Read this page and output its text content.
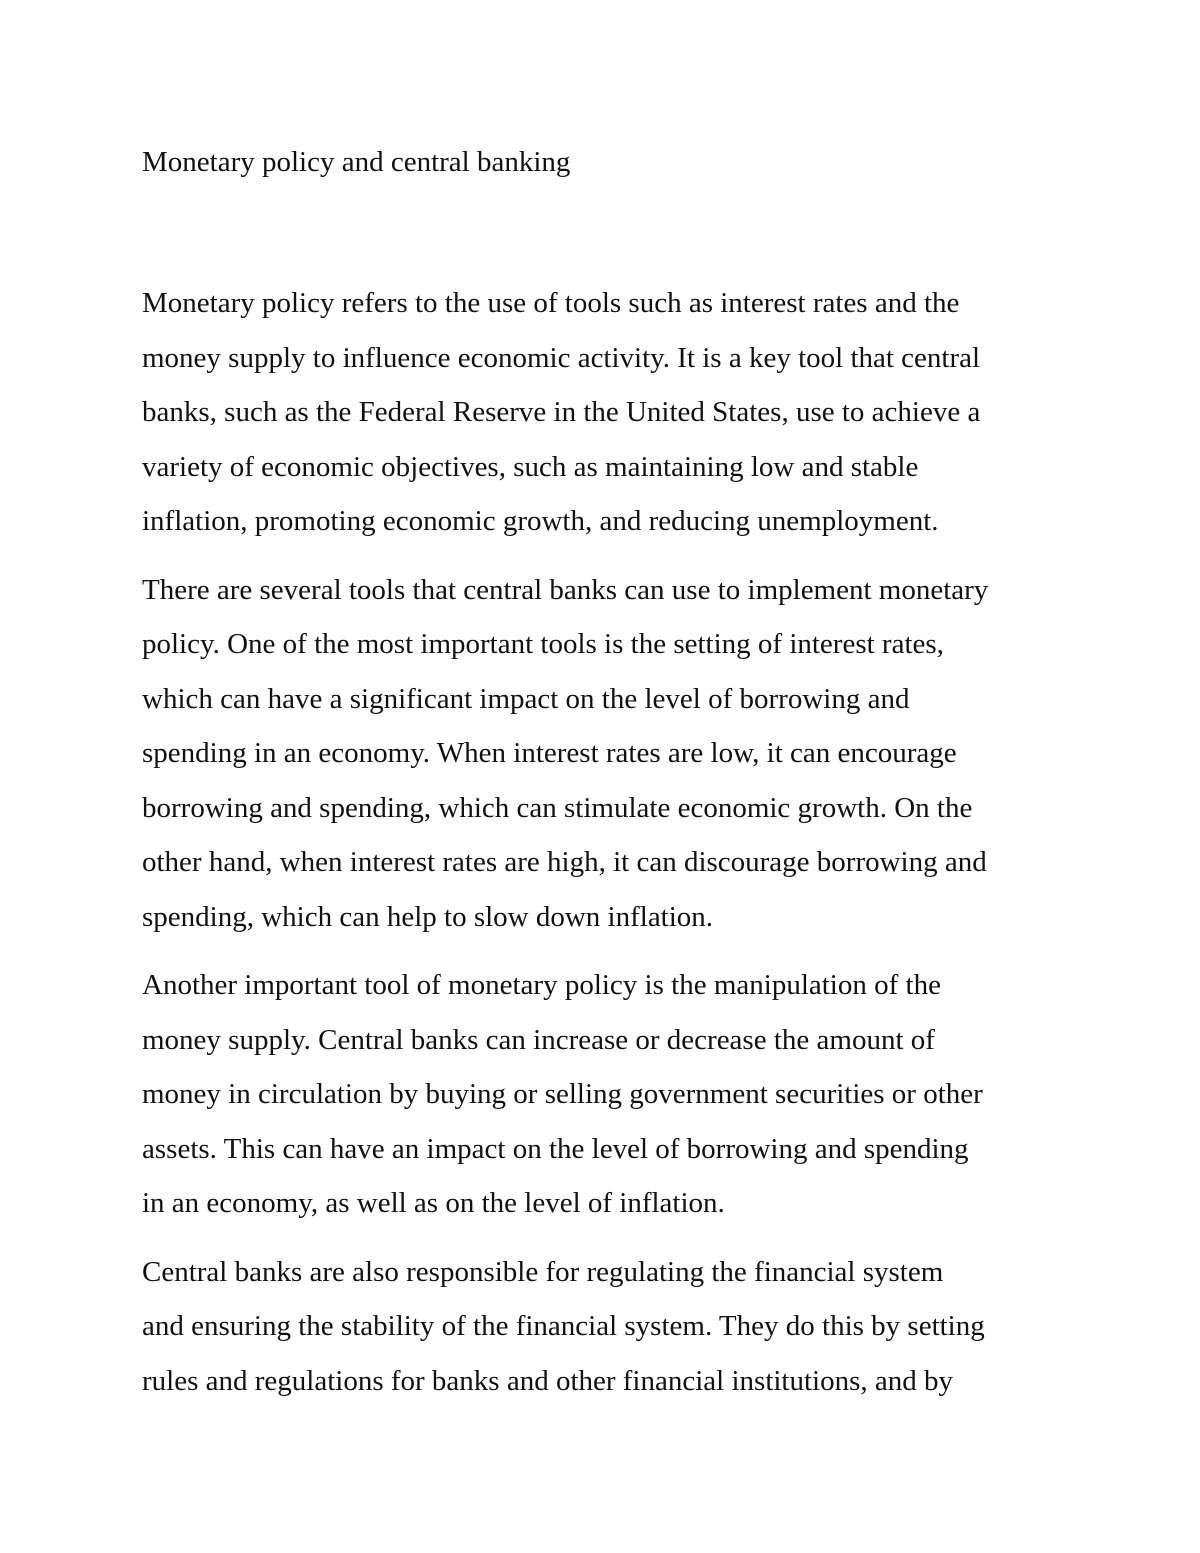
Monetary policy and central banking
Monetary policy refers to the use of tools such as interest rates and the
money supply to influence economic activity. It is a key tool that central
banks, such as the Federal Reserve in the United States, use to achieve a
variety of economic objectives, such as maintaining low and stable
inflation, promoting economic growth, and reducing unemployment.
There are several tools that central banks can use to implement monetary
policy. One of the most important tools is the setting of interest rates,
which can have a significant impact on the level of borrowing and
spending in an economy. When interest rates are low, it can encourage
borrowing and spending, which can stimulate economic growth. On the
other hand, when interest rates are high, it can discourage borrowing and
spending, which can help to slow down inflation.
Another important tool of monetary policy is the manipulation of the
money supply. Central banks can increase or decrease the amount of
money in circulation by buying or selling government securities or other
assets. This can have an impact on the level of borrowing and spending
in an economy, as well as on the level of inflation.
Central banks are also responsible for regulating the financial system
and ensuring the stability of the financial system. They do this by setting
rules and regulations for banks and other financial institutions, and by
